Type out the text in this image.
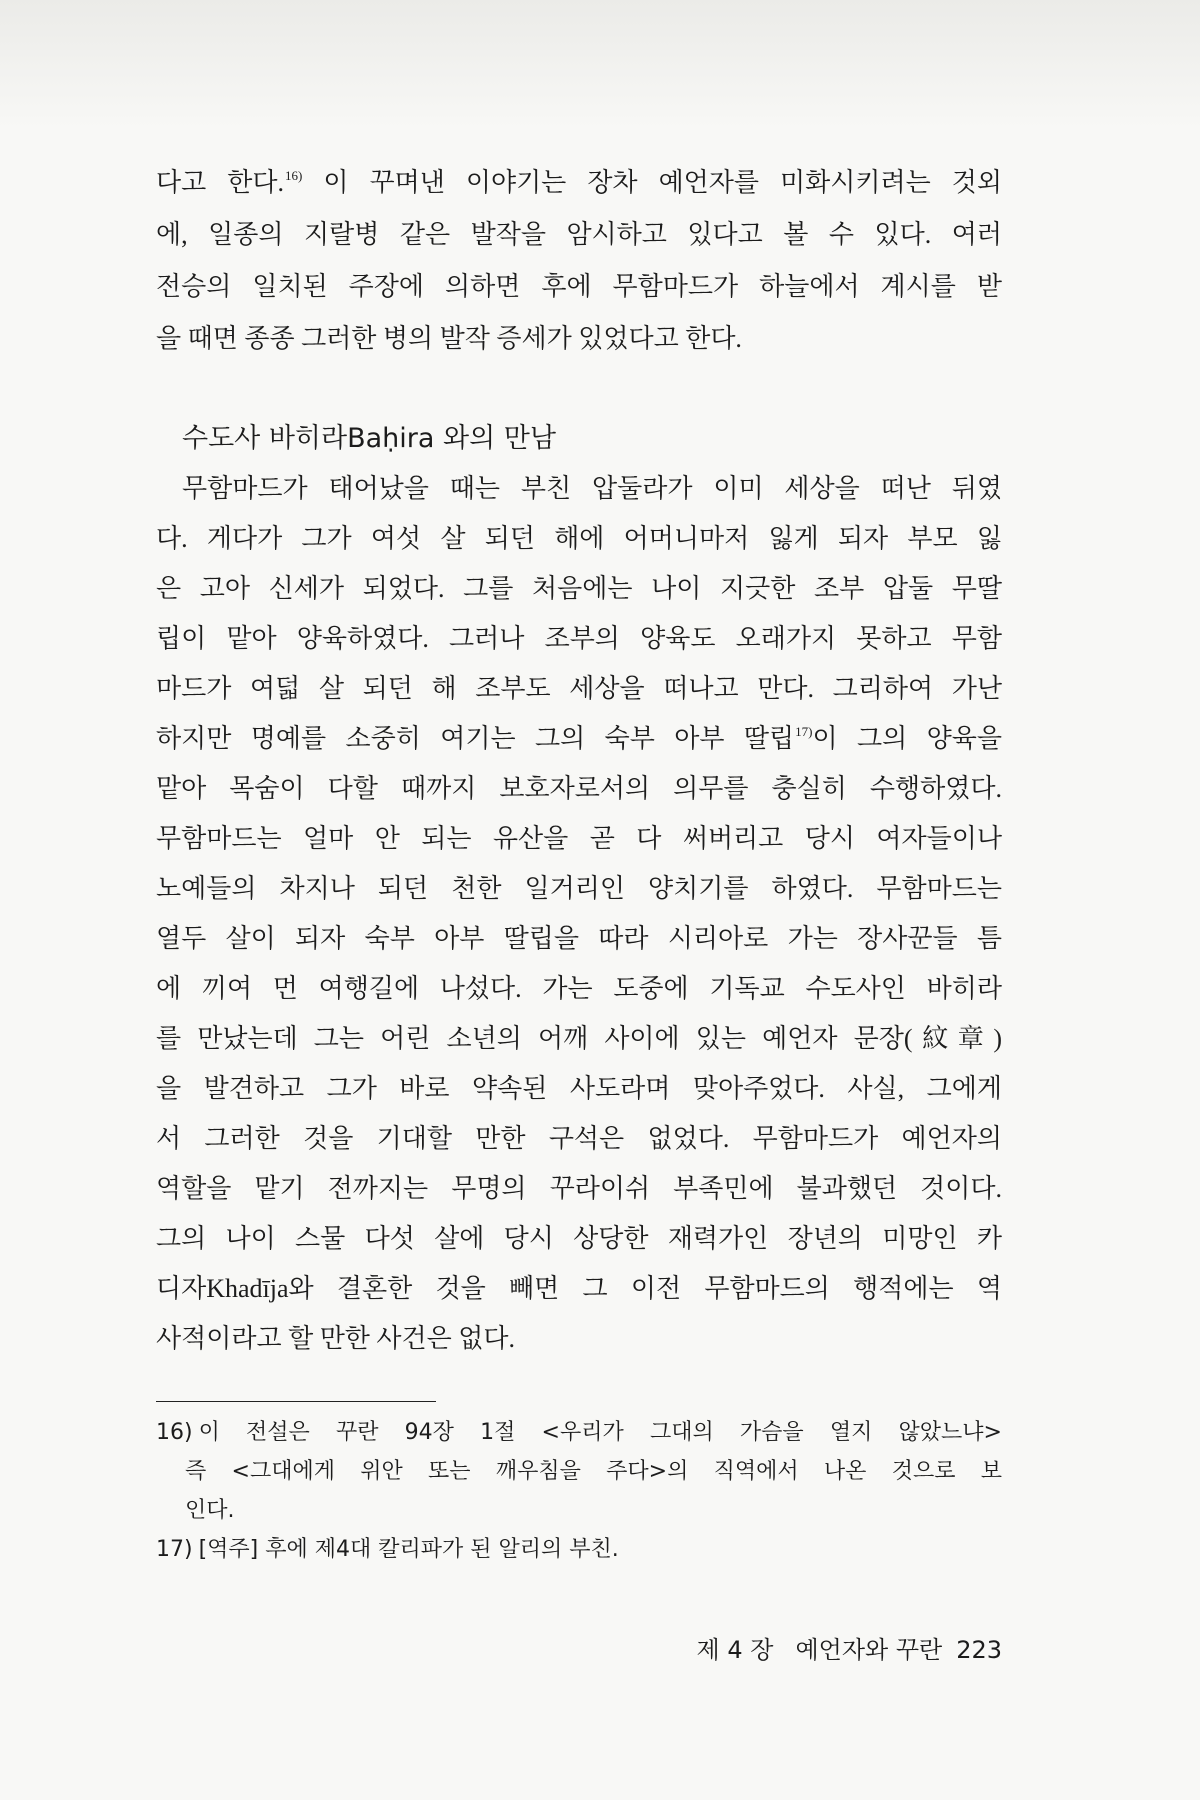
다고 한다.$^{16)}$ 이 꾸며낸 이야기는 장차 예언자를 미화시키려는 것외
에, 일종의 지랄병 같은 발작을 암시하고 있다고 볼 수 있다. 여러
전승의 일치된 주장에 의하면 후에 무함마드가 하늘에서 계시를 받
을 때면 종종 그러한 병의 발작 증세가 있었다고 한다.
수도사 바히라Baḥira 와의 만남
무함마드가 태어났을 때는 부친 압둘라가 이미 세상을 떠난 뒤였
다. 게다가 그가 여섯 살 되던 해에 어머니마저 잃게 되자 부모 잃
은 고아 신세가 되었다. 그를 처음에는 나이 지긋한 조부 압둘 무딸
립이 맡아 양육하였다. 그러나 조부의 양육도 오래가지 못하고 무함
마드가 여덟 살 되던 해 조부도 세상을 떠나고 만다. 그리하여 가난
하지만 명예를 소중히 여기는 그의 숙부 아부 딸립$^{17)}$이 그의 양육을
맡아 목숨이 다할 때까지 보호자로서의 의무를 충실히 수행하였다.
무함마드는 얼마 안 되는 유산을 곧 다 써버리고 당시 여자들이나
노예들의 차지나 되던 천한 일거리인 양치기를 하였다. 무함마드는
열두 살이 되자 숙부 아부 딸립을 따라 시리아로 가는 장사꾼들 틈
에 끼여 먼 여행길에 나섰다. 가는 도중에 기독교 수도사인 바히라
를 만났는데 그는 어린 소년의 어깨 사이에 있는 예언자 문장(紋章)
을 발견하고 그가 바로 약속된 사도라며 맞아주었다. 사실, 그에게
서 그러한 것을 기대할 만한 구석은 없었다. 무함마드가 예언자의
역할을 맡기 전까지는 무명의 꾸라이쉬 부족민에 불과했던 것이다.
그의 나이 스물 다섯 살에 당시 상당한 재력가인 장년의 미망인 카
디자Khadīja와 결혼한 것을 빼면 그 이전 무함마드의 행적에는 역
사적이라고 할 만한 사건은 없다.
16) 이 전설은 꾸란 94장 1절 <우리가 그대의 가슴을 열지 않았느냐>
즉 <그대에게 위안 또는 깨우침을 주다>의 직역에서 나온 것으로 보
인다.
17) [역주] 후에 제4대 칼리파가 된 알리의 부친.
제 4 장 예언자와 꾸란 223
